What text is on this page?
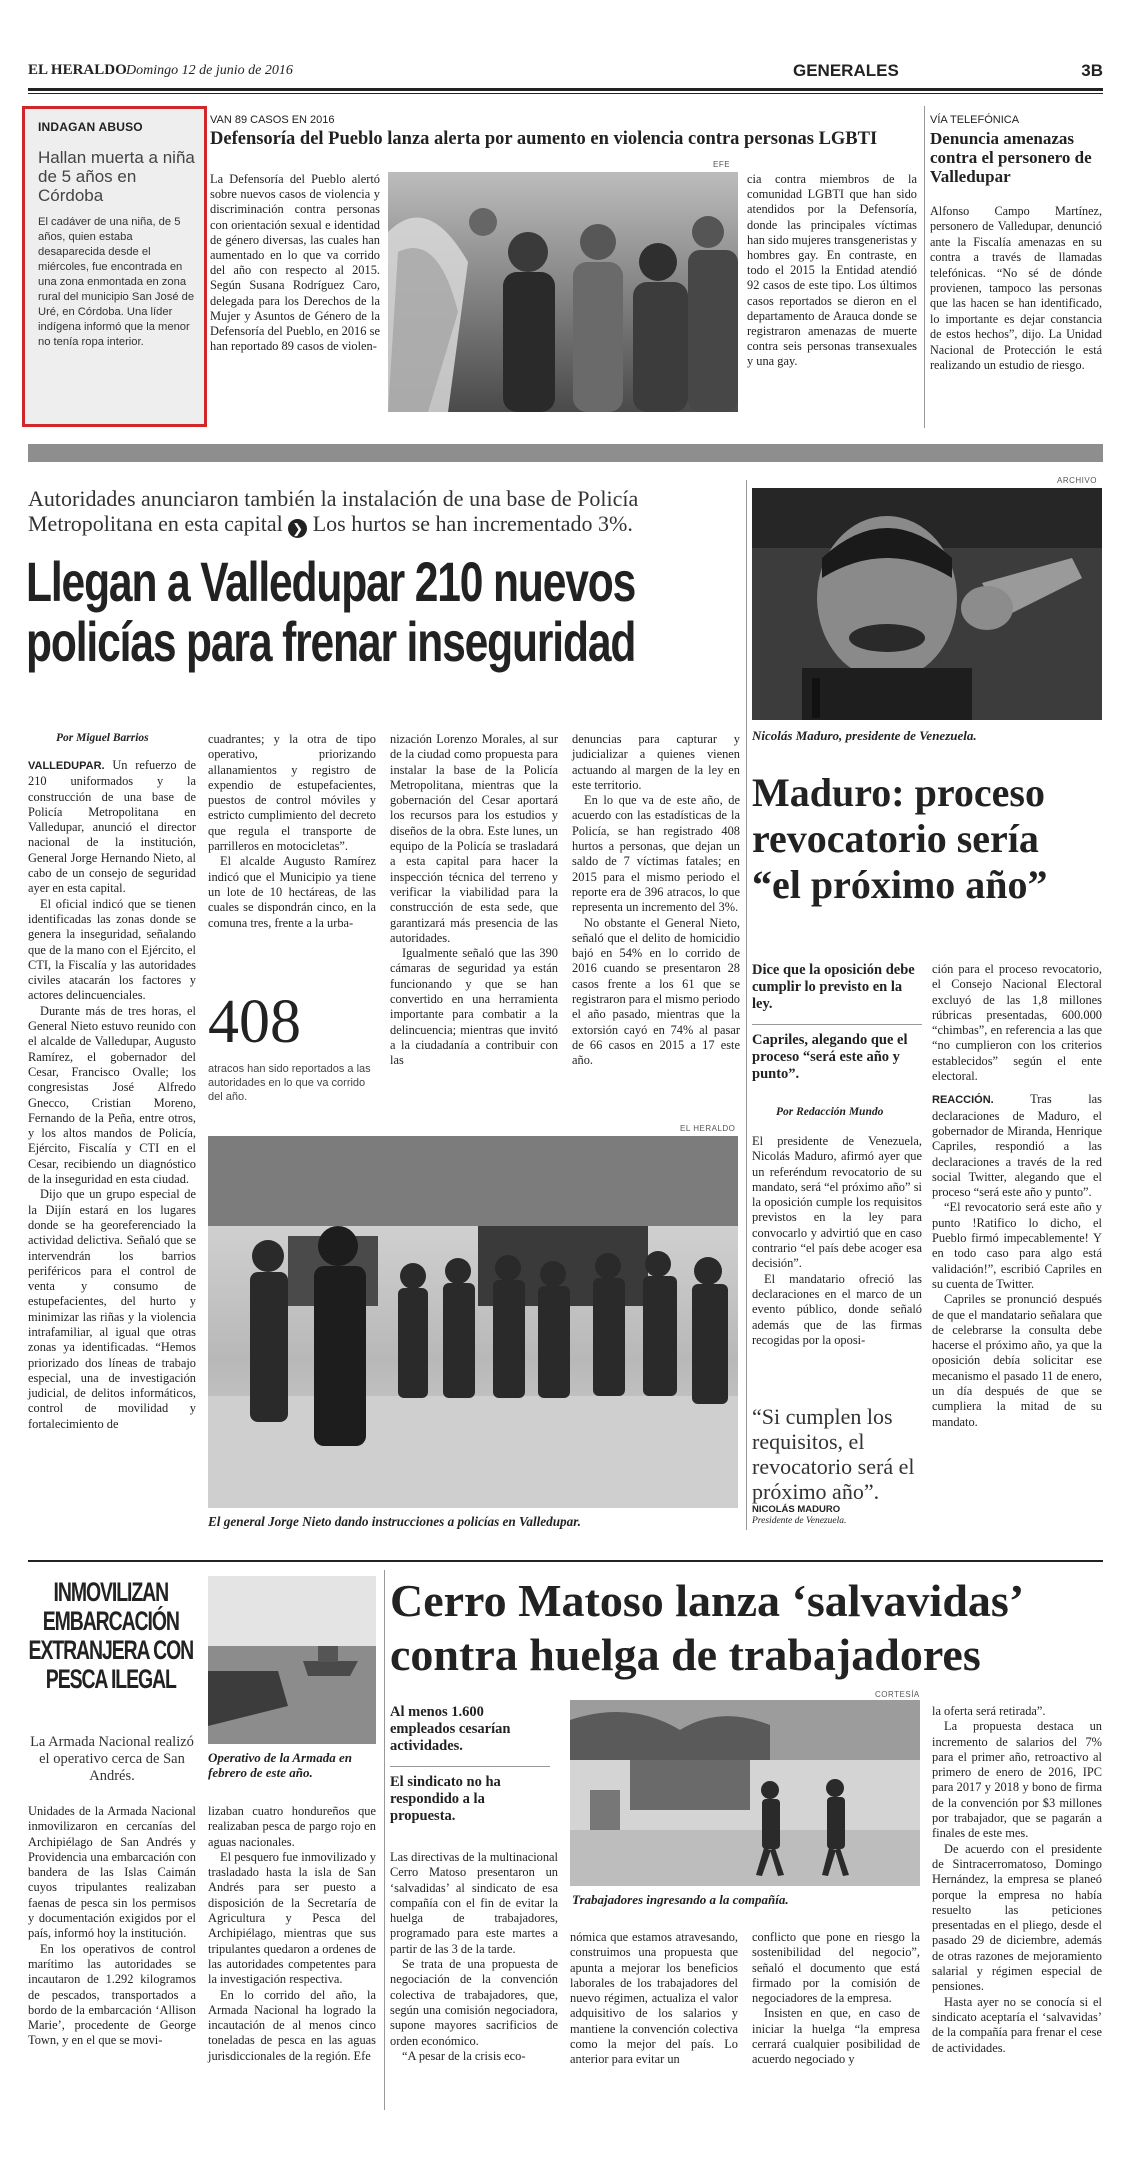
EL HERALDO Domingo 12 de junio de 2016	GENERALES	3B
INDAGAN ABUSO
Hallan muerta a niña de 5 años en Córdoba
El cadáver de una niña, de 5 años, quien estaba desaparecida desde el miércoles, fue encontrada en una zona enmontada en zona rural del municipio San José de Uré, en Córdoba. Una líder indígena informó que la menor no tenía ropa interior.
VAN 89 CASOS EN 2016
Defensoría del Pueblo lanza alerta por aumento en violencia contra personas LGBTI
EFE
La Defensoría del Pueblo alertó sobre nuevos casos de violencia y discriminación contra personas con orientación sexual e identidad de género diversas, las cuales han aumentado en lo que va corrido del año con respecto al 2015. Según Susana Rodríguez Caro, delegada para los Derechos de la Mujer y Asuntos de Género de la Defensoría del Pueblo, en 2016 se han reportado 89 casos de violen-
cia contra miembros de la comunidad LGBTI que han sido atendidos por la Defensoría, donde las principales víctimas han sido mujeres transgeneristas y hombres gay. En contraste, en todo el 2015 la Entidad atendió 92 casos de este tipo. Los últimos casos reportados se dieron en el departamento de Arauca donde se registraron amenazas de muerte contra seis personas transexuales y una gay.
VÍA TELEFÓNICA
Denuncia amenazas contra el personero de Valledupar
Alfonso Campo Martínez, personero de Valledupar, denunció ante la Fiscalía amenazas en su contra a través de llamadas telefónicas. “No sé de dónde provienen, tampoco las personas que las hacen se han identificado, lo importante es dejar constancia de estos hechos”, dijo. La Unidad Nacional de Protección le está realizando un estudio de riesgo.
Autoridades anunciaron también la instalación de una base de Policía
Metropolitana en esta capital ❯ Los hurtos se han incrementado 3%.
Llegan a Valledupar 210 nuevos
policías para frenar inseguridad
Por Miguel Barrios

VALLEDUPAR. Un refuerzo de 210 uniformados y la construcción de una base de Policía Metropolitana en Valledupar, anunció el director nacional de la institución, General Jorge Hernando Nieto, al cabo de un consejo de seguridad ayer en esta capital.

El oficial indicó que se tienen identificadas las zonas donde se genera la inseguridad, señalando que de la mano con el Ejército, el CTI, la Fiscalía y las autoridades civiles atacarán los factores y actores delincuenciales.

Durante más de tres horas, el General Nieto estuvo reunido con el alcalde de Valledupar, Augusto Ramírez, el gobernador del Cesar, Francisco Ovalle; los congresistas José Alfredo Gnecco, Cristian Moreno, Fernando de la Peña, entre otros, y los altos mandos de Policía, Ejército, Fiscalía y CTI en el Cesar, recibiendo un diagnóstico de la inseguridad en esta ciudad.

Dijo que un grupo especial de la Dijín estará en los lugares donde se ha georeferenciado la actividad delictiva. Señaló que se intervendrán los barrios periféricos para el control de venta y consumo de estupefacientes, del hurto y minimizar las riñas y la violencia intrafamiliar, al igual que otras zonas ya identificadas. “Hemos priorizado dos líneas de trabajo especial, una de investigación judicial, de delitos informáticos, control de movilidad y fortalecimiento de

cuadrantes; y la otra de tipo operativo, priorizando allanamientos y registro de expendio de estupefacientes, puestos de control móviles y estricto cumplimiento del decreto que regula el transporte de parrilleros en motocicletas”.

El alcalde Augusto Ramírez indicó que el Municipio ya tiene un lote de 10 hectáreas, de las cuales se dispondrán cinco, en la comuna tres, frente a la urba-

nización Lorenzo Morales, al sur de la ciudad como propuesta para instalar la base de la Policía Metropolitana, mientras que la gobernación del Cesar aportará los recursos para los estudios y diseños de la obra. Este lunes, un equipo de la Policía se trasladará a esta capital para hacer la inspección técnica del terreno y verificar la viabilidad para la construcción de esta sede, que garantizará más presencia de las autoridades.

Igualmente señaló que las 390 cámaras de seguridad ya están funcionando y que se han convertido en una herramienta importante para combatir a la delincuencia; mientras que invitó a la ciudadanía a contribuir con las

denuncias para capturar y judicializar a quienes vienen actuando al margen de la ley en este territorio.

En lo que va de este año, de acuerdo con las estadísticas de la Policía, se han registrado 408 hurtos a personas, que dejan un saldo de 7 víctimas fatales; en 2015 para el mismo periodo el reporte era de 396 atracos, lo que representa un incremento del 3%.

No obstante el General Nieto, señaló que el delito de homicidio bajó en 54% en lo corrido de 2016 cuando se presentaron 28 casos frente a los 61 que se registraron para el mismo periodo el año pasado, mientras que la extorsión cayó en 74% al pasar de 66 casos en 2015 a 17 este año.

408
atracos han sido reportados a las autoridades en lo que va corrido del año.
EL HERALDO
El general Jorge Nieto dando instrucciones a policías en Valledupar.
ARCHIVO
Nicolás Maduro, presidente de Venezuela.
Maduro: proceso
revocatorio sería
“el próximo año”
Dice que la oposición debe cumplir lo previsto en la ley.
Capriles, alegando que el proceso “será este año y punto”.
Por Redacción Mundo

El presidente de Venezuela, Nicolás Maduro, afirmó ayer que un referéndum revocatorio de su mandato, será “el próximo año” si la oposición cumple los requisitos previstos en la ley para convocarlo y advirtió que en caso contrario “el país debe acoger esa decisión”.

El mandatario ofreció las declaraciones en el marco de un evento público, donde señaló además que de las firmas recogidas por la oposi-

“Si cumplen los requisitos, el revocatorio será el próximo año”.
NICOLÁS MADURO
Presidente de Venezuela.

ción para el proceso revocatorio, el Consejo Nacional Electoral excluyó de las 1,8 millones rúbricas presentadas, 600.000 “chimbas”, en referencia a las que “no cumplieron con los criterios establecidos” según el ente electoral.

REACCIÓN.	Tras las declaraciones de Maduro, el gobernador de Miranda, Henrique Capriles, respondió a las declaraciones a través de la red social Twitter, alegando que el proceso “será este año y punto”.

“El revocatorio será este año y punto !Ratifico lo dicho, el Pueblo firmó impecablemente! Y en todo caso para algo está validación!”, escribió Capriles en su cuenta de Twitter.

Capriles se pronunció después de que el mandatario señalara que de celebrarse la consulta debe hacerse el próximo año, ya que la oposición debía solicitar ese mecanismo el pasado 11 de enero, un día después de que se cumpliera la mitad de su mandato.

INMOVILIZAN EMBARCACIÓN EXTRANJERA CON PESCA ILEGAL
La Armada Nacional realizó el operativo cerca de San Andrés.
Operativo de la Armada en febrero de este año.

Unidades de la Armada Nacional inmovilizaron en cercanías del Archipiélago de San Andrés y Providencia una embarcación con bandera de las Islas Caimán cuyos tripulantes realizaban faenas de pesca sin los permisos y documentación exigidos por el país, informó hoy la institución.

En los operativos de control marítimo las autoridades se incautaron de 1.292 kilogramos de pescados, transportados a bordo de la embarcación ‘Allison Marie’, procedente de George Town, y en el que se movi-

lizaban cuatro hondureños que realizaban pesca de pargo rojo en aguas nacionales.

El pesquero fue inmovilizado y trasladado hasta la isla de San Andrés para ser puesto a disposición de la Secretaría de Agricultura y Pesca del Archipiélago, mientras que sus tripulantes quedaron a ordenes de las autoridades competentes para la investigación respectiva.

En lo corrido del año, la Armada Nacional ha logrado la incautación de al menos cinco toneladas de pesca en las aguas jurisdiccionales de la región. Efe

Cerro Matoso lanza ‘salvavidas’
contra huelga de trabajadores
Al menos 1.600 empleados cesarían actividades.
El sindicato no ha respondido a la propuesta.

Las directivas de la multinacional Cerro Matoso presentaron un ‘salvadidas’ al sindicato de esa compañía con el fin de evitar la huelga de trabajadores, programado para este martes a partir de las 3 de la tarde.

Se trata de una propuesta de negociación de la convención colectiva de trabajadores, que, según una comisión negociadora, supone mayores sacrificios de orden económico.

“A pesar de la crisis eco-

CORTESÍA
Trabajadores ingresando a la compañía.

nómica que estamos atravesando, construimos una propuesta que apunta a mejorar los beneficios laborales de los trabajadores del nuevo régimen, actualiza el valor adquisitivo de los salarios y mantiene la convención colectiva como la mejor del país. Lo anterior para evitar un

conflicto que pone en riesgo la sostenibilidad del negocio”, señaló el documento que está firmado por la comisión de negociadores de la empresa.

Insisten en que, en caso de iniciar la huelga “la empresa cerrará cualquier posibilidad de acuerdo negociado y

la oferta será retirada”.

La propuesta destaca un incremento de salarios del 7% para el primer año, retroactivo al primero de enero de 2016, IPC para 2017 y 2018 y bono de firma de la convención por $3 millones por trabajador, que se pagarán a finales de este mes.

De acuerdo con el presidente de Sintracerromatoso, Domingo Hernández, la empresa se planeó porque la empresa no había resuelto las peticiones presentadas en el pliego, desde el pasado 29 de diciembre, además de otras razones de mejoramiento salarial y régimen especial de pensiones.

Hasta ayer no se conocía si el sindicato aceptaría el ‘salvavidas’ de la compañía para frenar el cese de actividades.
